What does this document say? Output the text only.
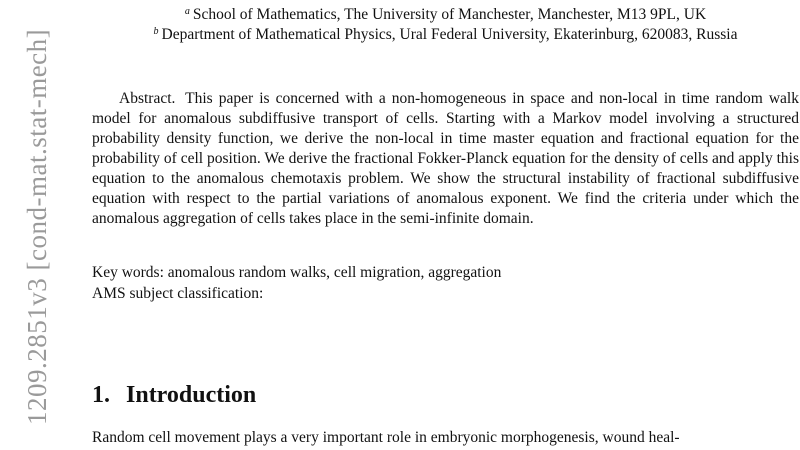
1209.2851v3 [cond-mat.stat-mech]
$^a$ School of Mathematics, The University of Manchester, Manchester, M13 9PL, UK
$^b$ Department of Mathematical Physics, Ural Federal University, Ekaterinburg, 620083, Russia

Abstract. This paper is concerned with a non-homogeneous in space and non-local in time random walk model for anomalous subdiffusive transport of cells. Starting with a Markov model involving a structured probability density function, we derive the non-local in time master equation and fractional equation for the probability of cell position. We derive the fractional Fokker-Planck equation for the density of cells and apply this equation to the anomalous chemotaxis problem. We show the structural instability of fractional subdiffusive equation with respect to the partial variations of anomalous exponent. We find the criteria under which the anomalous aggregation of cells takes place in the semi-infinite domain.

Key words: anomalous random walks, cell migration, aggregation

AMS subject classification:

1. Introduction

Random cell movement plays a very important role in embryonic morphogenesis, wound heal-
